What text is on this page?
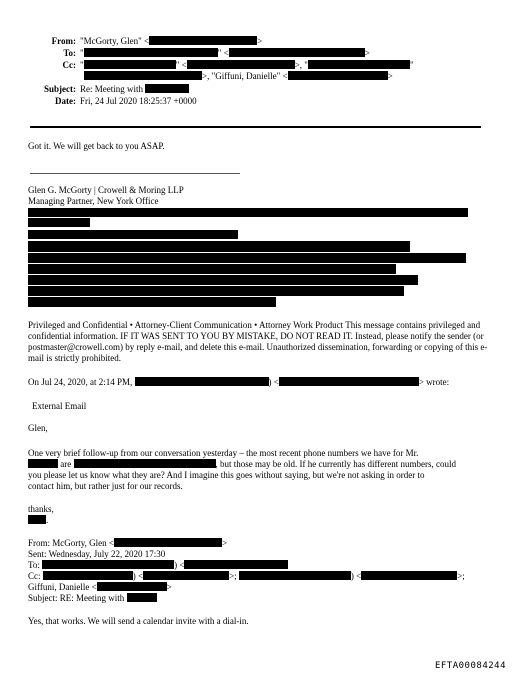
From: "McGorty, Glen" <	>
To: "	" <	>
Cc: "	" <	>, "	"
>, "Giffuni, Danielle" <	>
Subject: Re: Meeting with
Date: Fri, 24 Jul 2020 18:25:37 +0000
Got it. We will get back to you ASAP.
Glen G. McGorty | Crowell & Moring LLP
Managing Partner, New York Office
Privileged and Confidential • Attorney-Client Communication • Attorney Work Product This message contains privileged and confidential information. IF IT WAS SENT TO YOU BY MISTAKE, DO NOT READ IT. Instead, please notify the sender (or postmaster@crowell.com) by reply e-mail, and delete this e-mail. Unauthorized dissemination, forwarding or copying of this e-mail is strictly prohibited.
On Jul 24, 2020, at 2:14 PM,	) <	> wrote:
External Email
Glen,
One very brief follow-up from our conversation yesterday – the most recent phone numbers we have for Mr.
are	, but those may be old. If he currently has different numbers, could
you please let us know what they are? And I imagine this goes without saying, but we're not asking in order to
contact him, but rather just for our records.
thanks,
.
From: McGorty, Glen <	>
Sent: Wednesday, July 22, 2020 17:30
To:	) <
Cc:	) <	>;	) <	>;
Giffuni, Danielle <	>
Subject: RE: Meeting with
Yes, that works. We will send a calendar invite with a dial-in.
EFTA00084244
